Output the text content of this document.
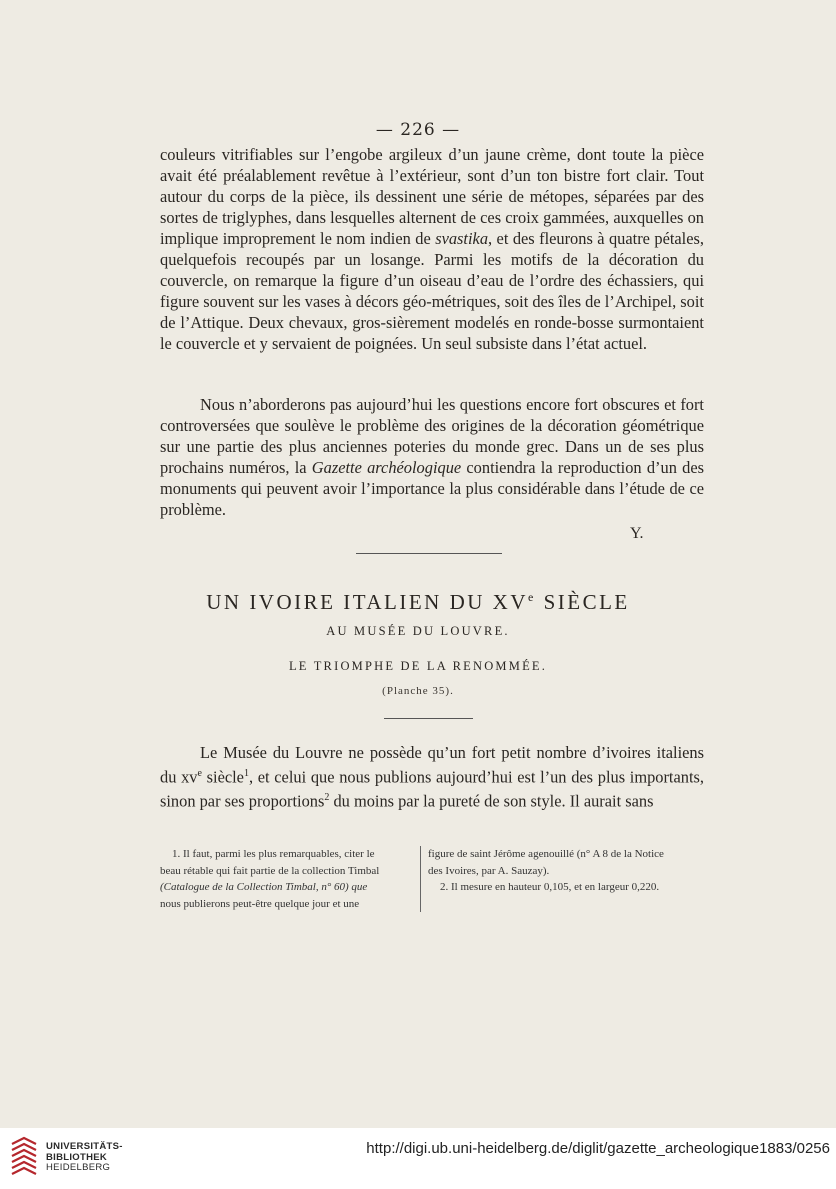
— 226 —

couleurs vitrifiables sur l’engobe argileux d’un jaune crème, dont toute la pièce avait été préalablement revêtue à l’extérieur, sont d’un ton bistre fort clair. Tout autour du corps de la pièce, ils dessinent une série de métopes, séparées par des sortes de triglyphes, dans lesquelles alternent de ces croix gammées, auxquelles on implique improprement le nom indien de svastika, et des fleurons à quatre pétales, quelquefois recoupés par un losange. Parmi les motifs de la décoration du couvercle, on remarque la figure d’un oiseau d’eau de l’ordre des échassiers, qui figure souvent sur les vases à décors géo-métriques, soit des îles de l’Archipel, soit de l’Attique. Deux chevaux, gros-sièrement modelés en ronde-bosse surmontaient le couvercle et y servaient de poignées. Un seul subsiste dans l’état actuel.

Nous n’aborderons pas aujourd’hui les questions encore fort obscures et fort controversées que soulève le problème des origines de la décoration géométrique sur une partie des plus anciennes poteries du monde grec. Dans un de ses plus prochains numéros, la Gazette archéologique contiendra la reproduction d’un des monuments qui peuvent avoir l’importance la plus considérable dans l’étude de ce problème.

Y.
UN IVOIRE ITALIEN DU XVe SIÈCLE
AU MUSÉE DU LOUVRE.
LE TRIOMPHE DE LA RENOMMÉE.
(Planche 35).

Le Musée du Louvre ne possède qu’un fort petit nombre d’ivoires italiens du $xv^e$ siècle$^1$, et celui que nous publions aujourd’hui est l’un des plus importants, sinon par ses proportions$^2$ du moins par la pureté de son style. Il aurait sans

1. Il faut, parmi les plus remarquables, citer le
beau rétable qui fait partie de la collection Timbal
(Catalogue de la Collection Timbal, n° 60) que
nous publierons peut-être quelque jour et une
figure de saint Jérôme agenouillé (n° A 8 de la Notice
des Ivoires, par A. Sauzay).
2. Il mesure en hauteur 0,105, et en largeur 0,220.
UNIVERSITÄTS-
BIBLIOTHEK
HEIDELBERG
http://digi.ub.uni-heidelberg.de/diglit/gazette_archeologique1883/0256
